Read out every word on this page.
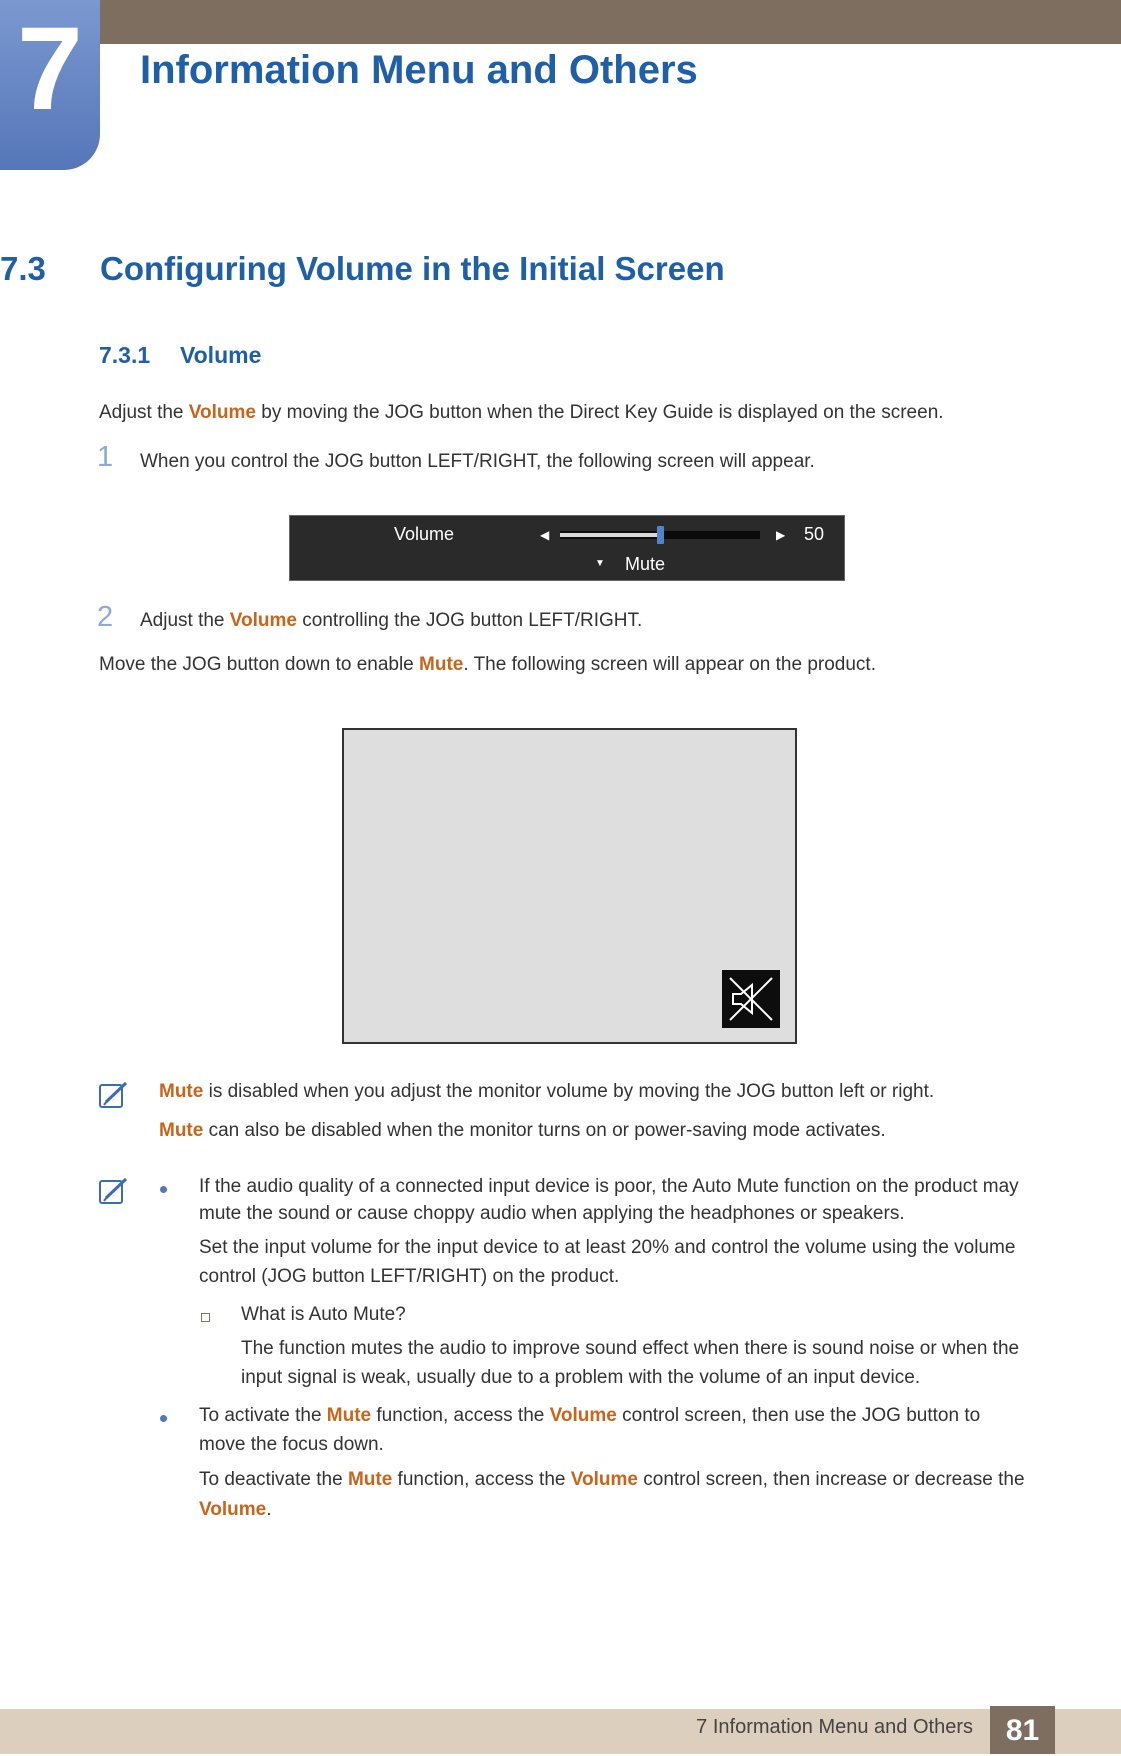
7	Information Menu and Others
7.3 Configuring Volume in the Initial Screen
7.3.1 Volume

Adjust the Volume by moving the JOG button when the Direct Key Guide is displayed on the screen.

1 When you control the JOG button LEFT/RIGHT, the following screen will appear.

Volume	◀	▶ 50
▼ Mute
2 Adjust the Volume controlling the JOG button LEFT/RIGHT.

Move the JOG button down to enable Mute. The following screen will appear on the product.

Mute is disabled when you adjust the monitor volume by moving the JOG button left or right.

Mute can also be disabled when the monitor turns on or power-saving mode activates.

If the audio quality of a connected input device is poor, the Auto Mute function on the product may

mute the sound or cause choppy audio when applying the headphones or speakers.

Set the input volume for the input device to at least 20% and control the volume using the volume

control (JOG button LEFT/RIGHT) on the product.

What is Auto Mute?

The function mutes the audio to improve sound effect when there is sound noise or when the

input signal is weak, usually due to a problem with the volume of an input device.

To activate the Mute function, access the Volume control screen, then use the JOG button to

move the focus down.

To deactivate the Mute function, access the Volume control screen, then increase or decrease the

Volume.

7 Information Menu and Others	81
